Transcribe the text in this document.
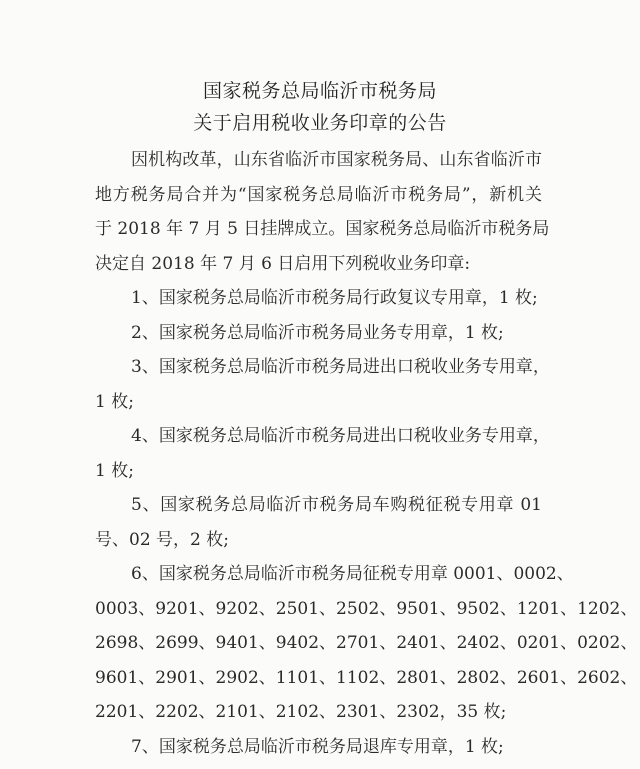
国家税务总局临沂市税务局
关于启用税收业务印章的公告
因机构改革，山东省临沂市国家税务局、山东省临沂市
地方税务局合并为“国家税务总局临沂市税务局”，新机关
于 2018 年 7 月 5 日挂牌成立。国家税务总局临沂市税务局
决定自 2018 年 7 月 6 日启用下列税收业务印章:
1、国家税务总局临沂市税务局行政复议专用章，1 枚;
2、国家税务总局临沂市税务局业务专用章，1 枚;
3、国家税务总局临沂市税务局进出口税收业务专用章，
1 枚;
4、国家税务总局临沂市税务局进出口税收业务专用章，
1 枚;
5、国家税务总局临沂市税务局车购税征税专用章 01
号、02 号，2 枚;
6、国家税务总局临沂市税务局征税专用章 0001、0002、
0003、9201、9202、2501、2502、9501、9502、1201、1202、
2698、2699、9401、9402、2701、2401、2402、0201、0202、
9601、2901、2902、1101、1102、2801、2802、2601、2602、
2201、2202、2101、2102、2301、2302，35 枚;
7、国家税务总局临沂市税务局退库专用章，1 枚;
